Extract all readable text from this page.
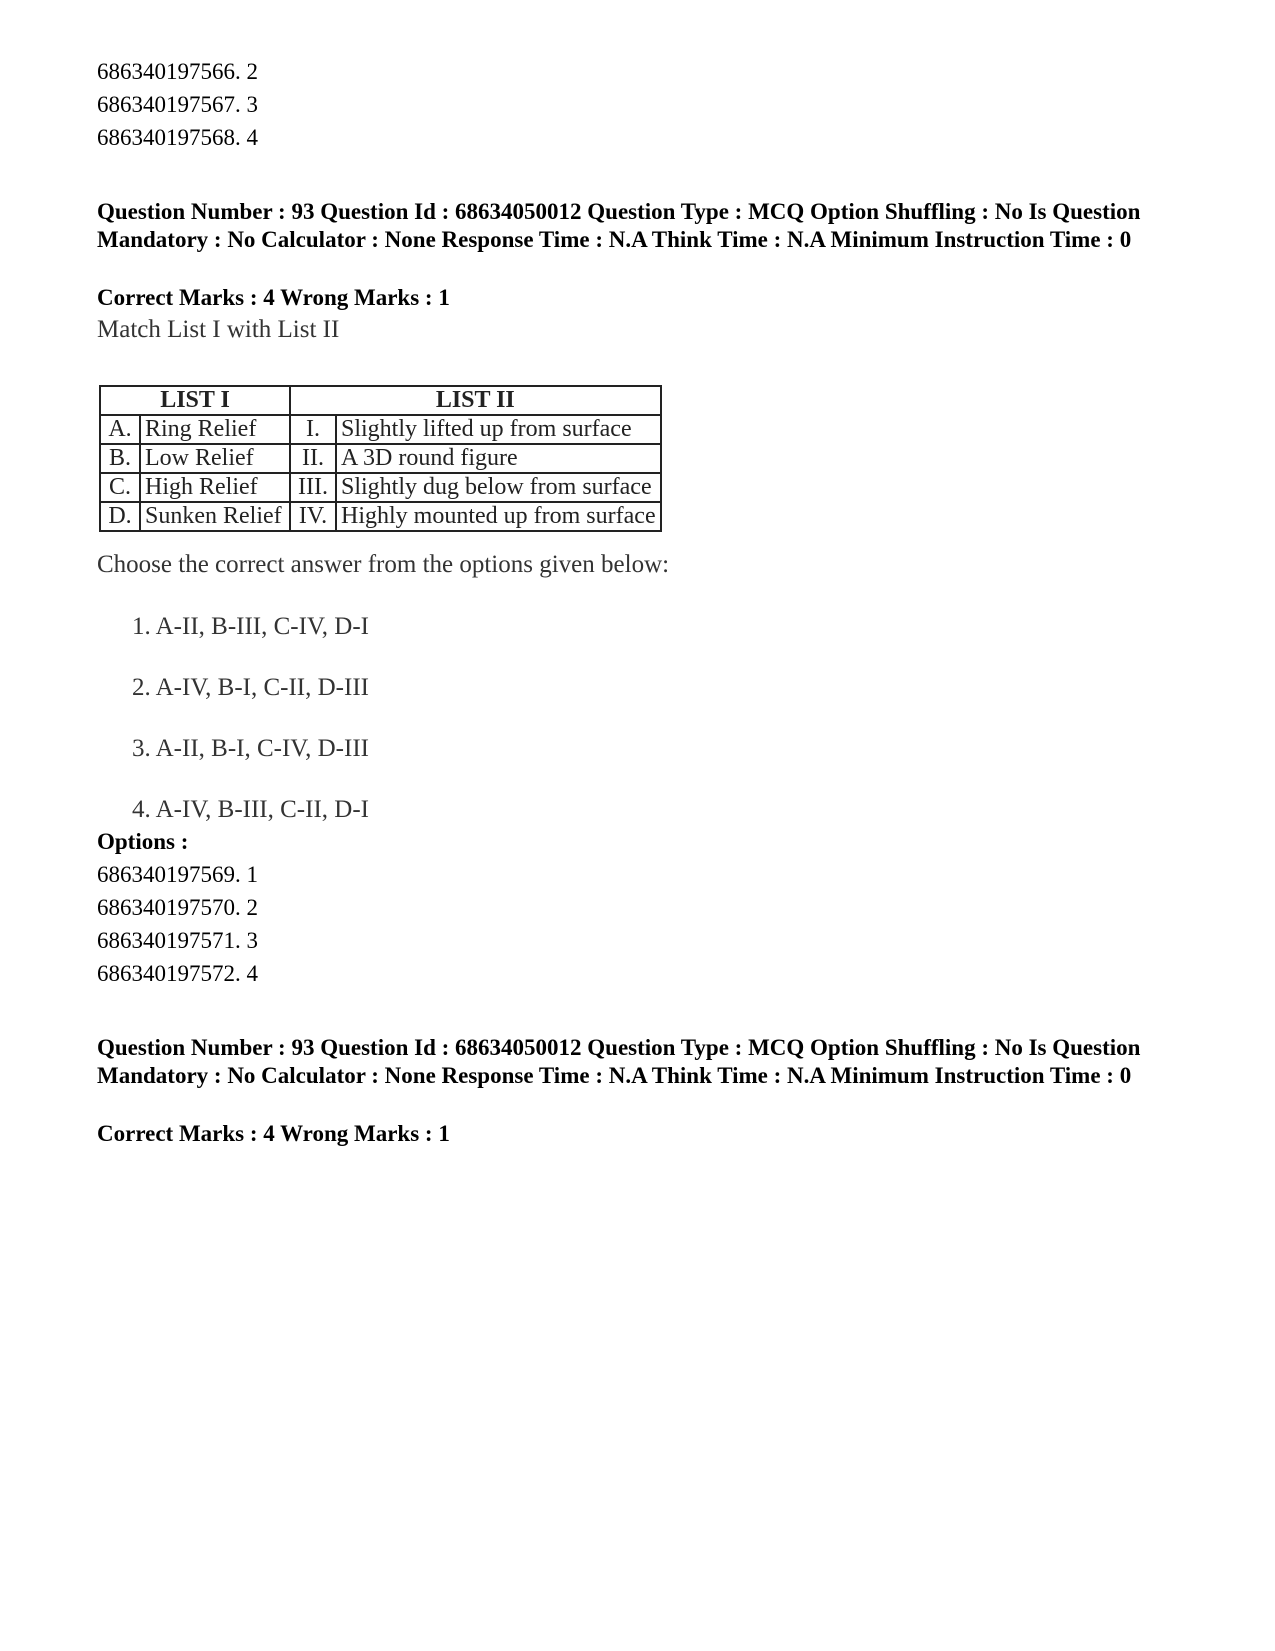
686340197566. 2
686340197567. 3
686340197568. 4
Question Number : 93 Question Id : 68634050012 Question Type : MCQ Option Shuffling : No Is Question Mandatory : No Calculator : None Response Time : N.A Think Time : N.A Minimum Instruction Time : 0
Correct Marks : 4 Wrong Marks : 1
Match List I with List II
LIST I		LIST II	
A.	Ring Relief	I.	Slightly lifted up from surface
B.	Low Relief	II.	A 3D round figure
C.	High Relief	III.	Slightly dug below from surface
D.	Sunken Relief	IV.	Highly mounted up from surface
Choose the correct answer from the options given below:
1. A-II, B-III, C-IV, D-I
2. A-IV, B-I, C-II, D-III
3. A-II, B-I, C-IV, D-III
4. A-IV, B-III, C-II, D-I
Options :
686340197569. 1
686340197570. 2
686340197571. 3
686340197572. 4
Question Number : 93 Question Id : 68634050012 Question Type : MCQ Option Shuffling : No Is Question Mandatory : No Calculator : None Response Time : N.A Think Time : N.A Minimum Instruction Time : 0
Correct Marks : 4 Wrong Marks : 1
